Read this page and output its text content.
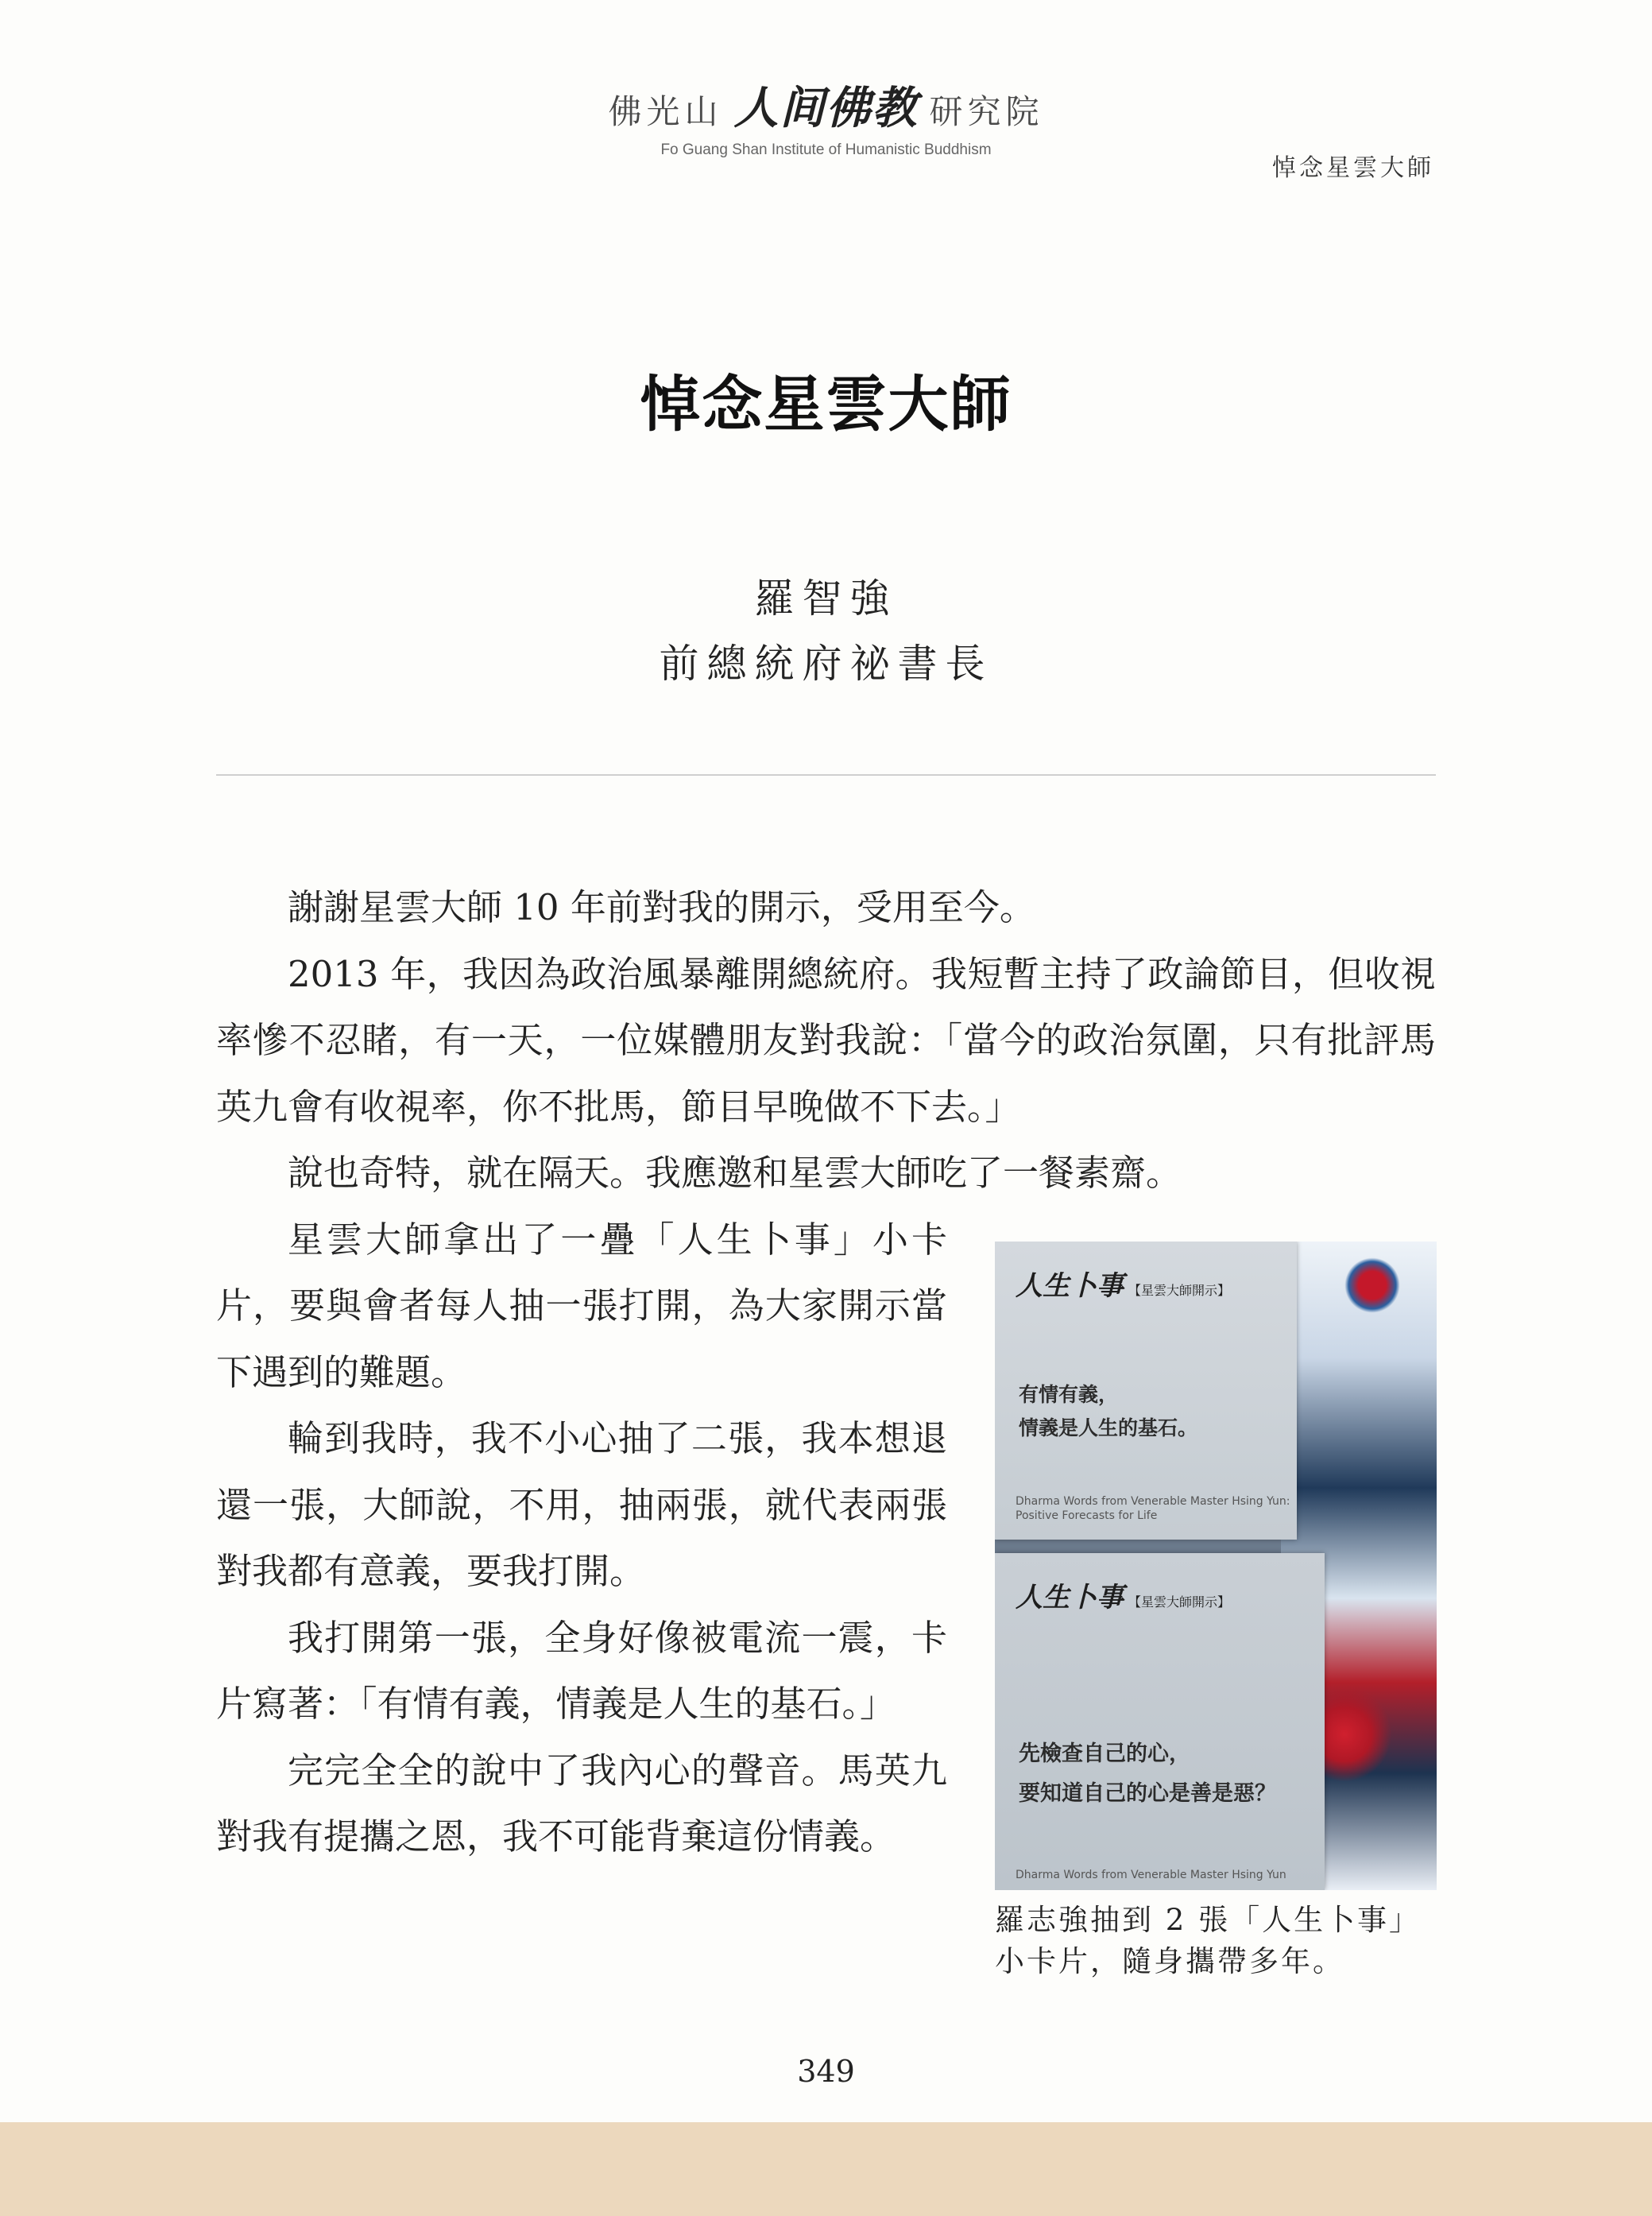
佛光山 人间佛教 研究院
Fo Guang Shan Institute of Humanistic Buddhism
悼念星雲大師
悼念星雲大師
羅智強
前總統府祕書長

謝謝星雲大師 10 年前對我的開示，受用至今。

2013 年，我因為政治風暴離開總統府。我短暫主持了政論節目，但收視率慘不忍睹，有一天，一位媒體朋友對我說：「當今的政治氛圍，只有批評馬英九會有收視率，你不批馬，節目早晚做不下去。」

說也奇特，就在隔天。我應邀和星雲大師吃了一餐素齋。

星雲大師拿出了一疊「人生卜事」小卡片，要與會者每人抽一張打開，為大家開示當下遇到的難題。

輪到我時，我不小心抽了二張，我本想退還一張，大師說，不用，抽兩張，就代表兩張對我都有意義，要我打開。

我打開第一張，全身好像被電流一震，卡片寫著：「有情有義，情義是人生的基石。」

完完全全的說中了我內心的聲音。馬英九對我有提攜之恩，我不可能背棄這份情義。

人生卜事 【星雲大師開示】
有情有義，
情義是人生的基石。
Dharma Words from Venerable Master Hsing Yun:
Positive Forecasts for Life
人生卜事 【星雲大師開示】
先檢查自己的心，
要知道自己的心是善是惡？
Dharma Words from Venerable Master Hsing Yun
羅志強抽到 2 張「人生卜事」
小卡片，隨身攜帶多年。
349
